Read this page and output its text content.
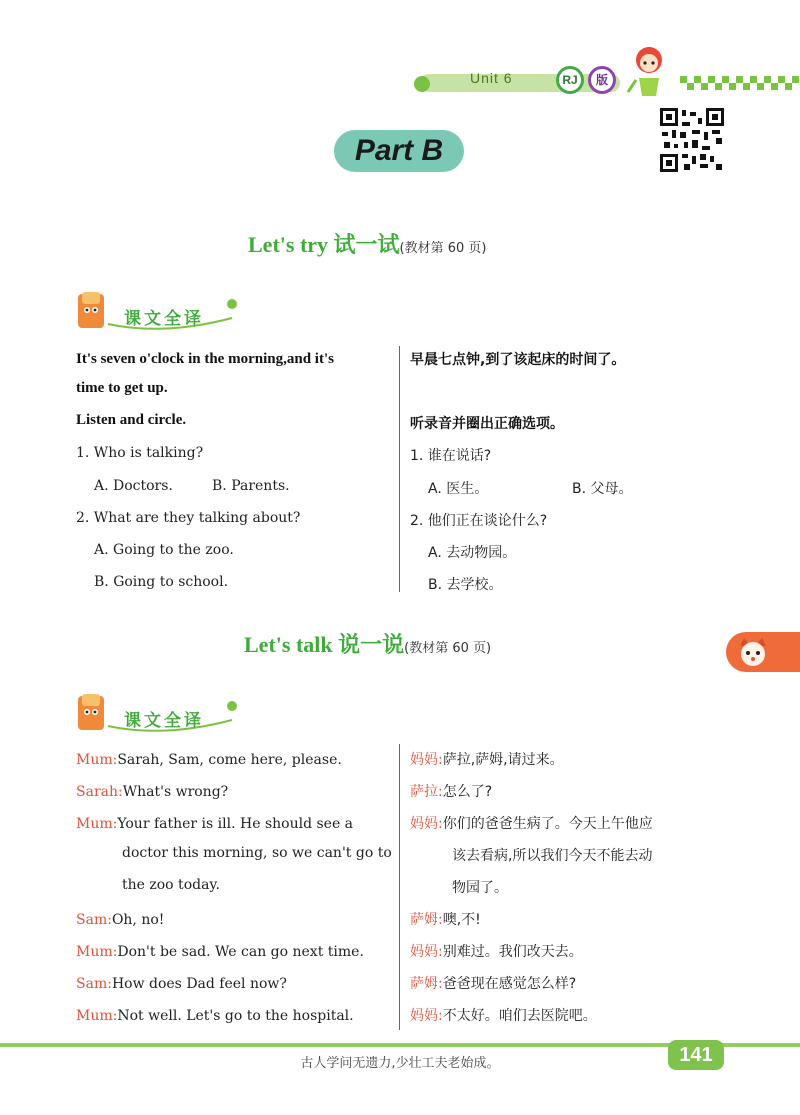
Unit 6	RJ	版
Part B
Let's try 试一试(教材第 60 页)
课文全译
It's seven o'clock in the morning,and it's
time to get up.
早晨七点钟,到了该起床的时间了。
Listen and circle.	听录音并圈出正确选项。
1. Who is talking?	1. 谁在说话?
A. Doctors.	B. Parents.	A. 医生。	B. 父母。
2. What are they talking about?	2. 他们正在谈论什么?
A. Going to the zoo.	A. 去动物园。
B. Going to school.	B. 去学校。
Let's talk 说一说(教材第 60 页)
课文全译
Mum:Sarah, Sam, come here, please.	妈妈:萨拉,萨姆,请过来。
Sarah:What's wrong?	萨拉:怎么了?
Mum:Your father is ill. He should see a	妈妈:你们的爸爸生病了。今天上午他应
doctor this morning, so we can't go to	该去看病,所以我们今天不能去动
the zoo today.	物园了。
Sam:Oh, no!	萨姆:噢,不!
Mum:Don't be sad. We can go next time.	妈妈:别难过。我们改天去。
Sam:How does Dad feel now?	萨姆:爸爸现在感觉怎么样?
Mum:Not well. Let's go to the hospital.	妈妈:不太好。咱们去医院吧。
古人学问无遗力,少壮工夫老始成。	141
